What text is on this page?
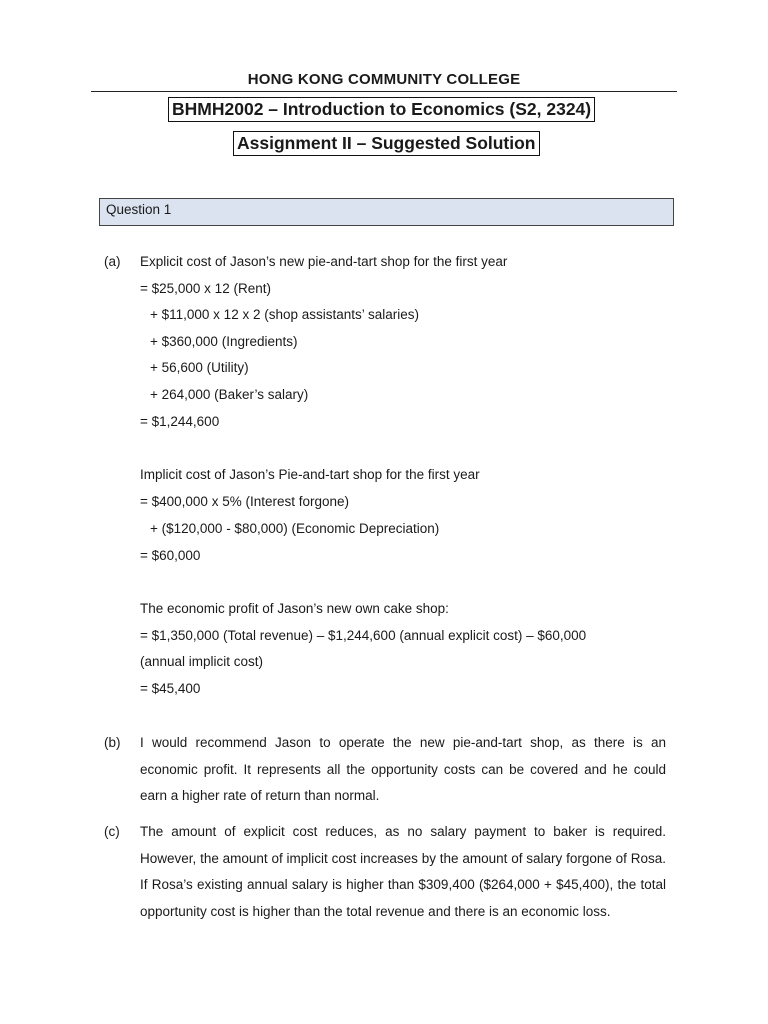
HONG KONG COMMUNITY COLLEGE
BHMH2002 – Introduction to Economics (S2, 2324)
Assignment II – Suggested Solution
Question 1
(a) Explicit cost of Jason’s new pie-and-tart shop for the first year
= $25,000 x 12 (Rent)
+ $11,000 x 12 x 2 (shop assistants’ salaries)
+ $360,000 (Ingredients)
+ 56,600 (Utility)
+ 264,000 (Baker’s salary)
= $1,244,600
Implicit cost of Jason’s Pie-and-tart shop for the first year
= $400,000 x 5% (Interest forgone)
+ ($120,000 - $80,000) (Economic Depreciation)
= $60,000
The economic profit of Jason’s new own cake shop:
= $1,350,000 (Total revenue) – $1,244,600 (annual explicit cost) – $60,000
(annual implicit cost)
= $45,400
(b) I would recommend Jason to operate the new pie-and-tart shop, as there is an economic profit. It represents all the opportunity costs can be covered and he could earn a higher rate of return than normal.
(c) The amount of explicit cost reduces, as no salary payment to baker is required. However, the amount of implicit cost increases by the amount of salary forgone of Rosa. If Rosa’s existing annual salary is higher than $309,400 ($264,000 + $45,400), the total opportunity cost is higher than the total revenue and there is an economic loss.
